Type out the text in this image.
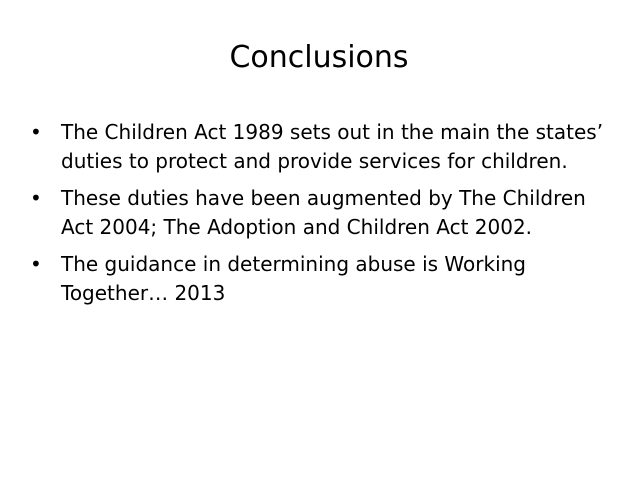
Conclusions
• The Children Act 1989 sets out in the main the states’ duties to protect and provide services for children.
• These duties have been augmented by The Children Act 2004; The Adoption and Children Act 2002.
• The guidance in determining abuse is Working Together… 2013
